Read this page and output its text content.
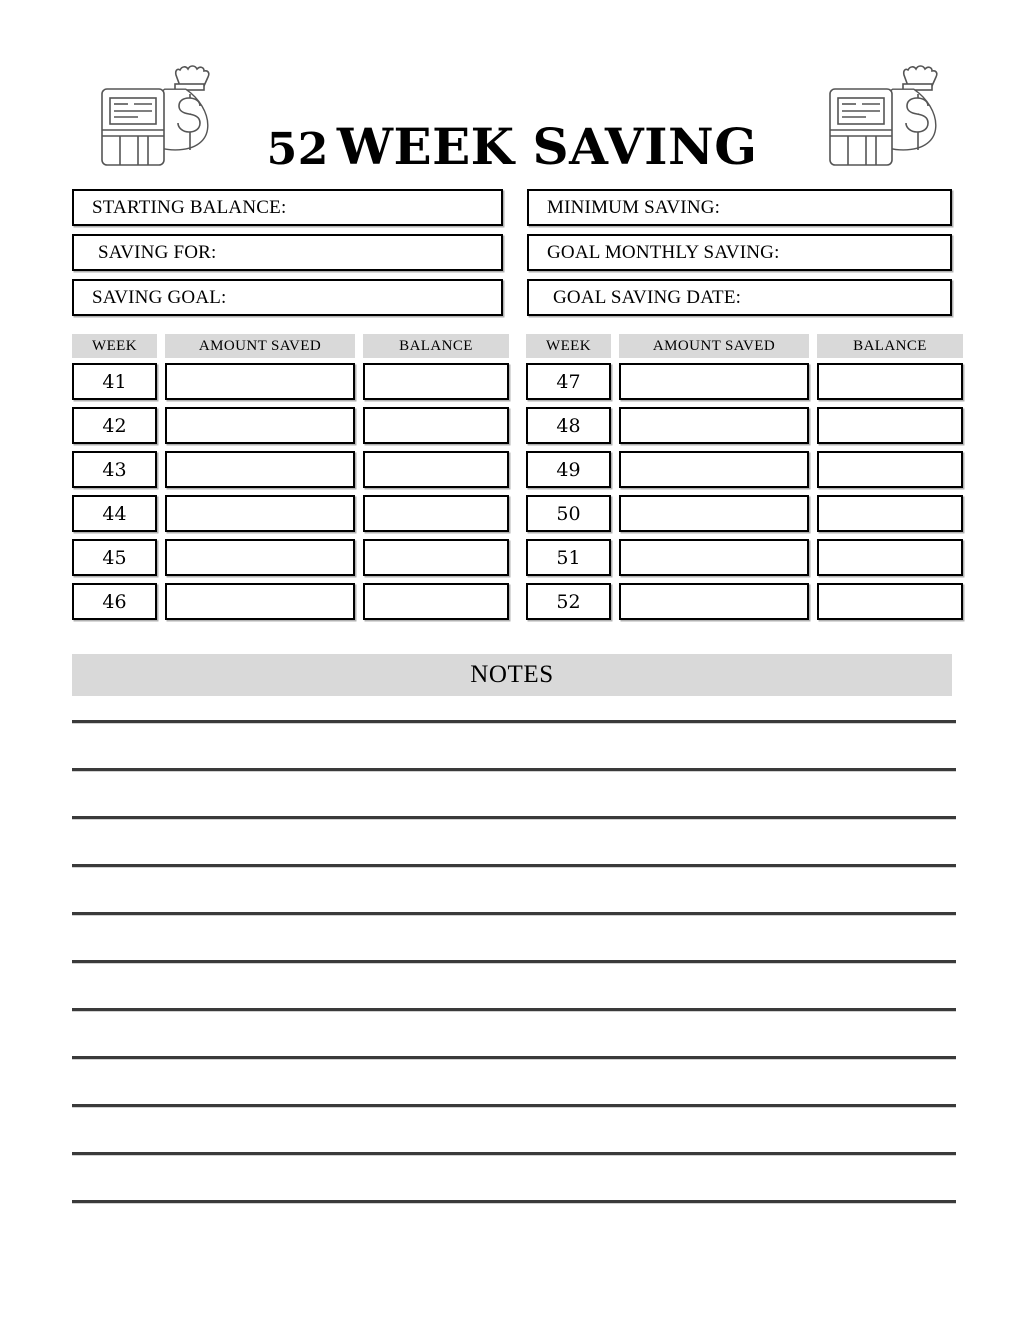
52 WEEK SAVING
STARTING BALANCE:	MINIMUM SAVING:
SAVING FOR:	GOAL MONTHLY SAVING:
SAVING GOAL:	GOAL SAVING DATE:
WEEK	AMOUNT SAVED	BALANCE
41
42
43
44
45
46
WEEK	AMOUNT SAVED	BALANCE
47
48
49
50
51
52
NOTES
